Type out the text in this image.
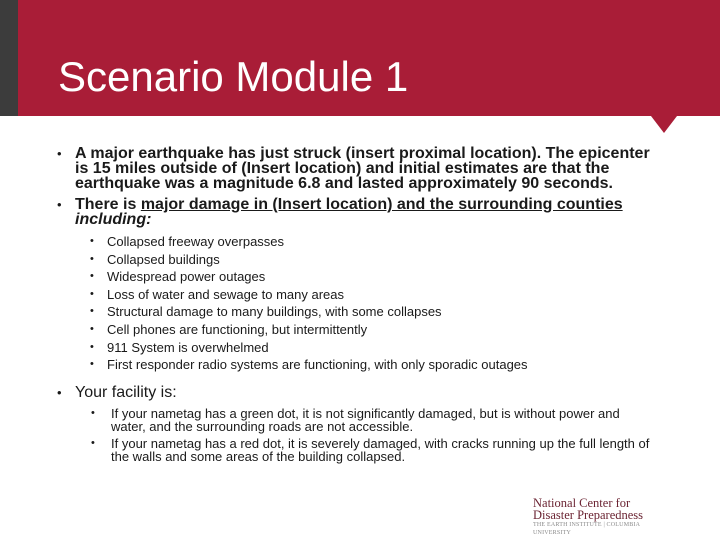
Scenario Module 1
• A major earthquake has just struck (insert proximal location). The epicenter is 15 miles outside of (Insert location) and initial estimates are that the earthquake was a magnitude 6.8 and lasted approximately 90 seconds.
• There is major damage in (Insert location) and the surrounding counties including:
• Collapsed freeway overpasses
• Collapsed buildings
• Widespread power outages
• Loss of water and sewage to many areas
• Structural damage to many buildings, with some collapses
• Cell phones are functioning, but intermittently
• 911 System is overwhelmed
• First responder radio systems are functioning, with only sporadic outages
• Your facility is:
• If your nametag has a green dot, it is not significantly damaged, but is without power and water, and the surrounding roads are not accessible.
• If your nametag has a red dot, it is severely damaged, with cracks running up the full length of the walls and some areas of the building collapsed.
National Center for
Disaster Preparedness
THE EARTH INSTITUTE | COLUMBIA UNIVERSITY
